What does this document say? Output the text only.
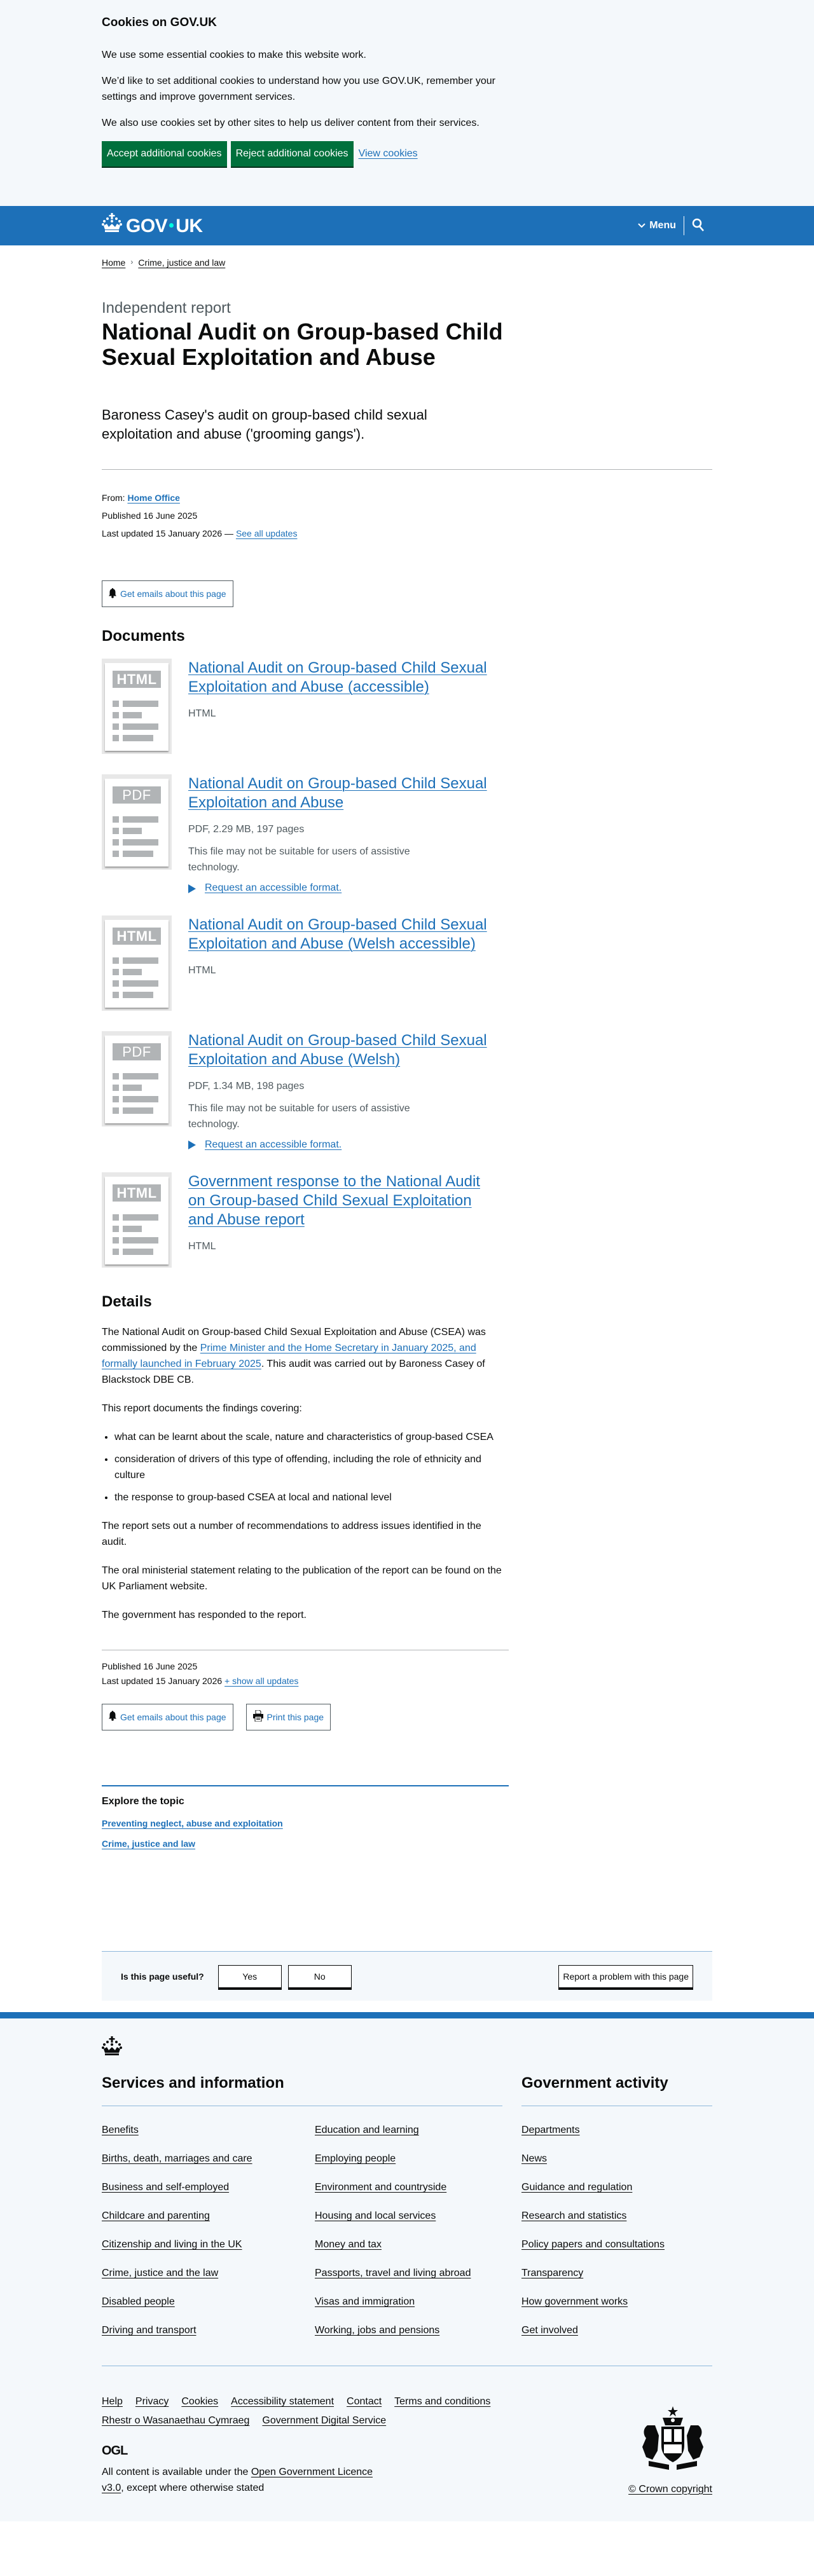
Cookies on GOV.UK

We use some essential cookies to make this website work.

We’d like to set additional cookies to understand how you use GOV.UK, remember your settings and improve government services.

We also use cookies set by other sites to help us deliver content from their services.

Accept additional cookies	Reject additional cookies	View cookies
GOV UK	Menu
Home › Crime, justice and law
Independent report
National Audit on Group-based Child Sexual Exploitation and Abuse

Baroness Casey's audit on group-based child sexual exploitation and abuse ('grooming gangs').

From: Home Office
Published 16 June 2025
Last updated 15 January 2026 — See all updates
Get emails about this page
Documents
HTML
National Audit on Group-based Child Sexual Exploitation and Abuse (accessible)
HTML
PDF
National Audit on Group-based Child Sexual Exploitation and Abuse
PDF, 2.29 MB, 197 pages
This file may not be suitable for users of assistive technology.
Request an accessible format.
HTML
National Audit on Group-based Child Sexual Exploitation and Abuse (Welsh accessible)
HTML
PDF
National Audit on Group-based Child Sexual Exploitation and Abuse (Welsh)
PDF, 1.34 MB, 198 pages
This file may not be suitable for users of assistive technology.
Request an accessible format.
HTML
Government response to the National Audit on Group-based Child Sexual Exploitation and Abuse report
HTML
Details

The National Audit on Group-based Child Sexual Exploitation and Abuse (CSEA) was commissioned by the Prime Minister and the Home Secretary in January 2025, and formally launched in February 2025. This audit was carried out by Baroness Casey of Blackstock DBE CB.

This report documents the findings covering:

• what can be learnt about the scale, nature and characteristics of group-based CSEA
• consideration of drivers of this type of offending, including the role of ethnicity and culture
• the response to group-based CSEA at local and national level

The report sets out a number of recommendations to address issues identified in the audit.

The oral ministerial statement relating to the publication of the report can be found on the UK Parliament website.

The government has responded to the report.

Published 16 June 2025
Last updated 15 January 2026 + show all updates
Get emails about this page	Print this page
Explore the topic
Preventing neglect, abuse and exploitation
Crime, justice and law
Is this page useful?	Yes	No	Report a problem with this page
Services and information
Benefits
Births, death, marriages and care
Business and self-employed
Childcare and parenting
Citizenship and living in the UK
Crime, justice and the law
Disabled people
Driving and transport
Education and learning
Employing people
Environment and countryside
Housing and local services
Money and tax
Passports, travel and living abroad
Visas and immigration
Working, jobs and pensions
Government activity
Departments
News
Guidance and regulation
Research and statistics
Policy papers and consultations
Transparency
How government works
Get involved
Help Privacy Cookies Accessibility statement Contact Terms and conditions
Rhestr o Wasanaethau Cymraeg Government Digital Service
OGL
All content is available under the Open Government Licence v3.0, except where otherwise stated	© Crown copyright
